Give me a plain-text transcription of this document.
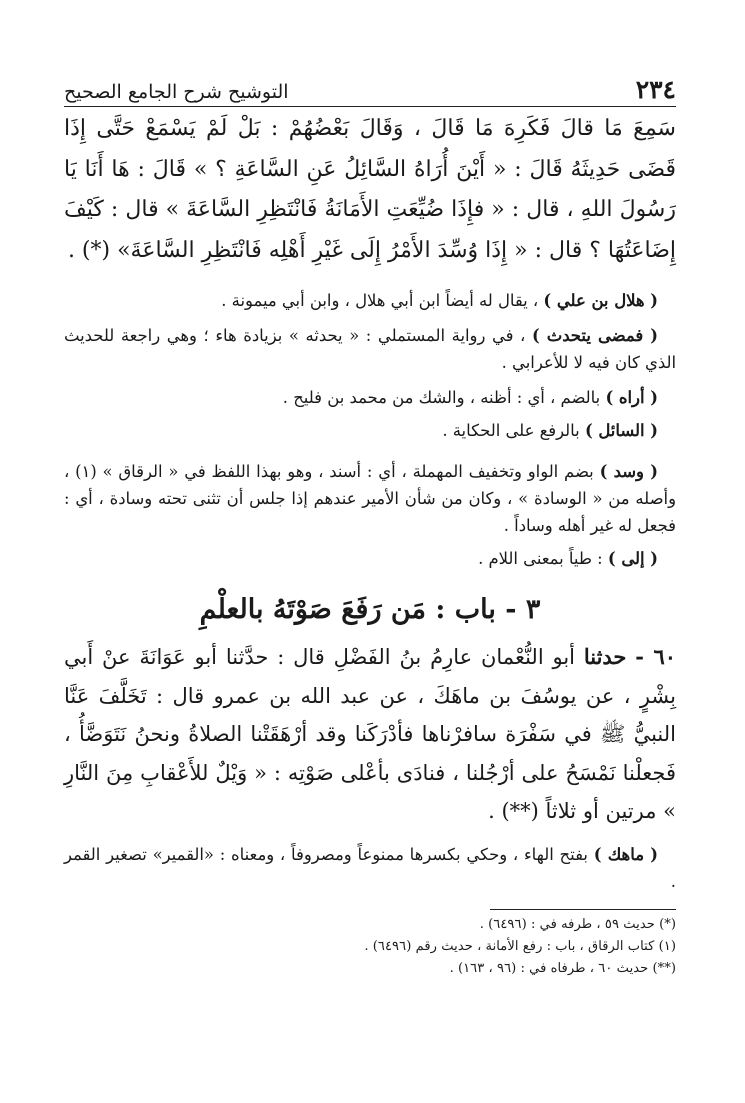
٢٣٤
التوشيح شرح الجامع الصحيح

سَمِعَ مَا قالَ فَكَرِهَ مَا قَالَ ، وَقَالَ بَعْضُهُمْ : بَلْ لَمْ يَسْمَعْ حَتَّى إِذَا قَضَى حَدِيثَهُ قَالَ : « أَيْنَ أُرَاهُ السَّائِلُ عَنِ السَّاعَةِ ؟ » قَالَ : هَا أَنَا يَا رَسُولَ اللهِ ، قال : « فإِذَا ضُيِّعَتِ الأَمَانَةُ فَانْتَظِرِ السَّاعَةَ » قال : كَيْفَ إِضَاعَتُهَا ؟ قال : « إِذَا وُسِّدَ الأَمْرُ إِلَى غَيْرِ أَهْلِه فَانْتَظِرِ السَّاعَةَ» (*) .

( هلال بن علي ) ، يقال له أيضاً ابن أبي هلال ، وابن أبي ميمونة .

( فمضى يتحدث ) ، في رواية المستملي : « يحدثه » بزيادة هاء ؛ وهي راجعة للحديث الذي كان فيه لا للأعرابي .

( أراه ) بالضم ، أي : أظنه ، والشك من محمد بن فليح .

( السائل ) بالرفع على الحكاية .

( وسد ) بضم الواو وتخفيف المهملة ، أي : أسند ، وهو بهذا اللفظ في « الرقاق » (١) ، وأصله من « الوسادة » ، وكان من شأن الأمير عندهم إذا جلس أن تثنى تحته وسادة ، أي : فجعل له غير أهله وساداً .

( إلى ) : طياً بمعنى اللام .

٣ - باب : مَن رَفَعَ صَوْتَهُ بالعلْمِ
٦٠ - حدثنا أبو النُّعْمان عارِمُ بنُ الفَضْلِ قال : حدَّثنا أبو عَوَانَةَ عنْ أَبي بِشْرٍ ، عن يوسُفَ بن ماهَكَ ، عن عبد الله بن عمرو قال : تَخَلَّفَ عَنَّا النبيُّ ﷺ في سَفْرَة سافرْناها فأدْرَكَنا وقد أرْهَقَتْنا الصلاةُ ونحنُ نَتَوَضَّأُ ، فَجعلْنا نَمْسَحُ على أرْجُلنا ، فنادَى بأعْلى صَوْتِه : « وَيْلٌ للأَعْقابِ مِنَ النَّارِ » مرتين أو ثلاثاً (**) .

( ماهك ) بفتح الهاء ، وحكي بكسرها ممنوعاً ومصروفاً ، ومعناه : «القمير» تصغير القمر .

(*) حديث ٥٩ ، طرفه في : (٦٤٩٦) .
(١) كتاب الرقاق ، باب : رفع الأمانة ، حديث رقم (٦٤٩٦) .
(**) حديث ٦٠ ، طرفاه في : (٩٦ ، ١٦٣) .
